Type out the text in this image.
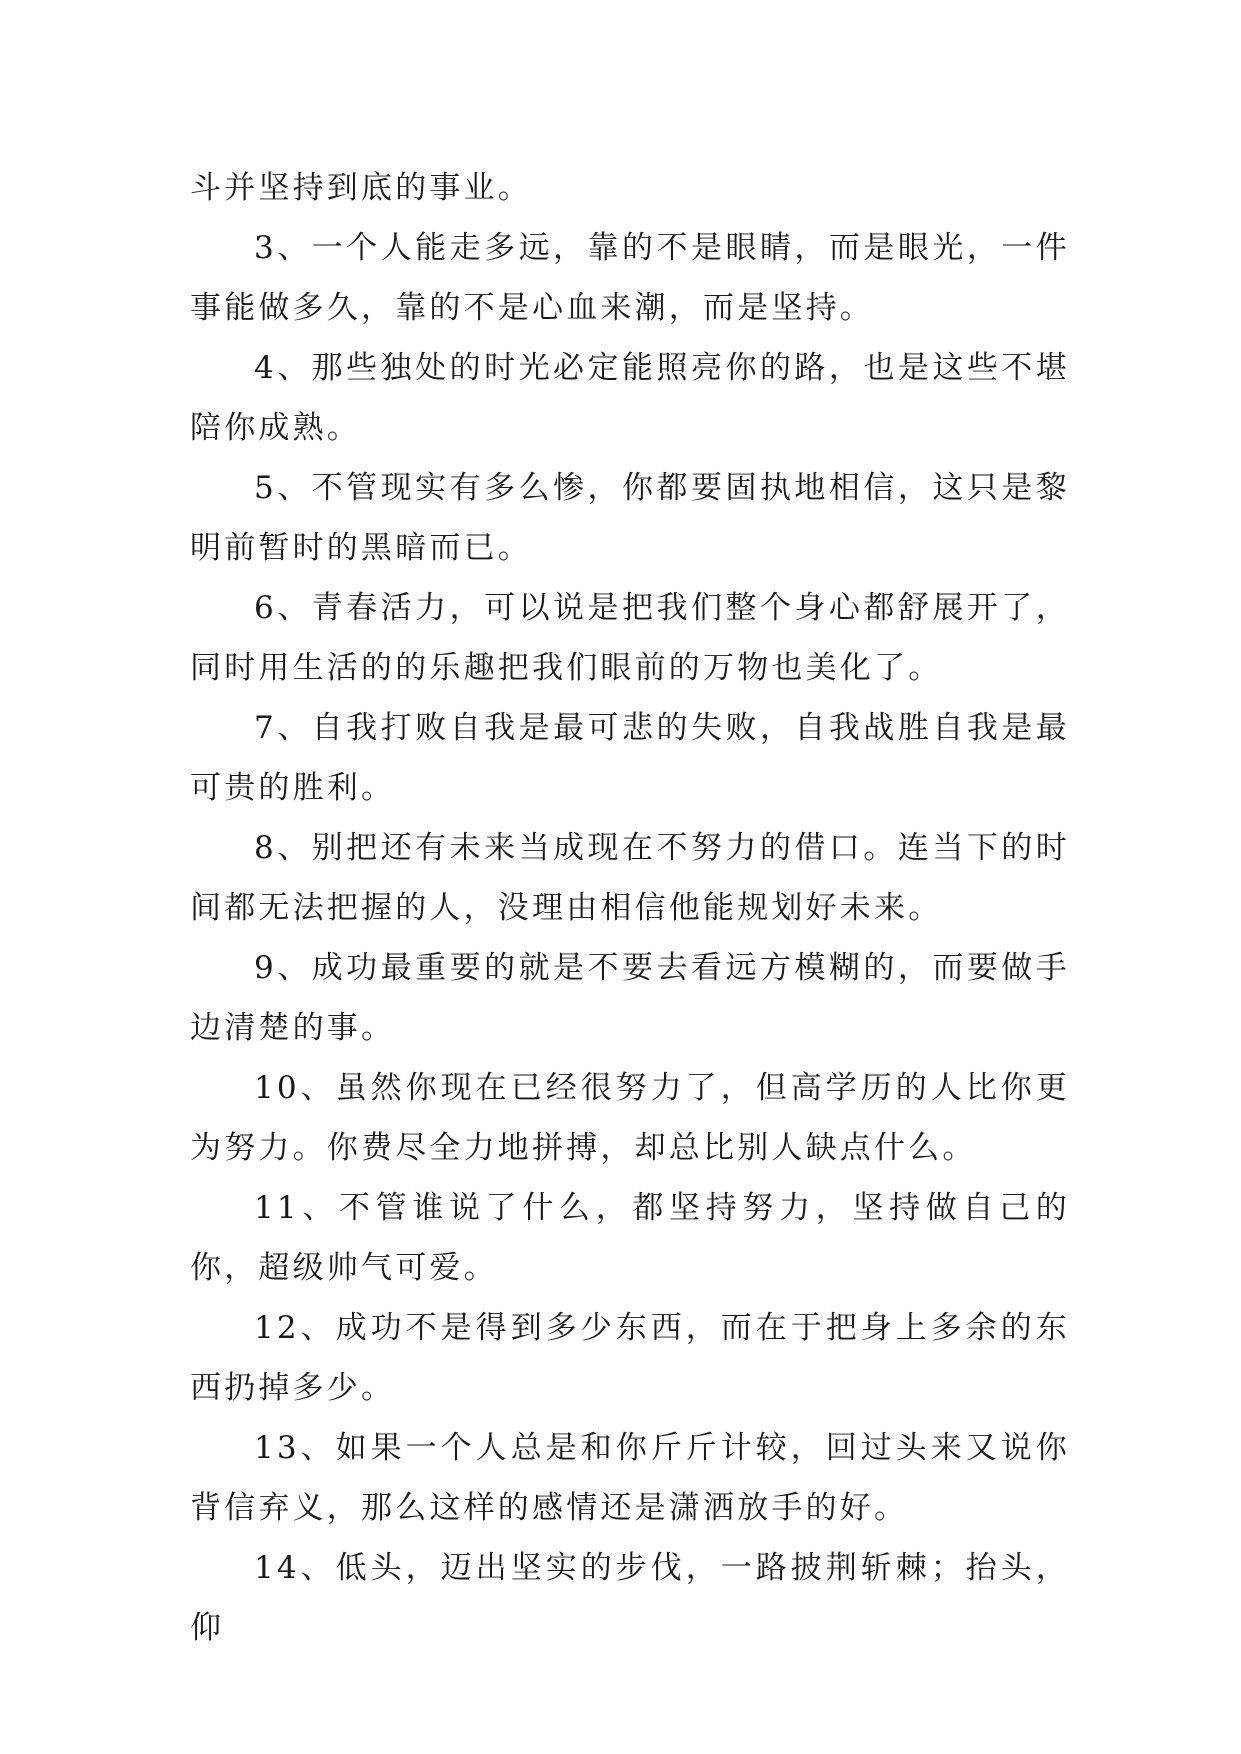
斗并坚持到底的事业。

3、一个人能走多远，靠的不是眼睛，而是眼光，一件事能做多久，靠的不是心血来潮，而是坚持。

4、那些独处的时光必定能照亮你的路，也是这些不堪陪你成熟。

5、不管现实有多么惨，你都要固执地相信，这只是黎明前暂时的黑暗而已。

6、青春活力，可以说是把我们整个身心都舒展开了，同时用生活的的乐趣把我们眼前的万物也美化了。

7、自我打败自我是最可悲的失败，自我战胜自我是最可贵的胜利。

8、别把还有未来当成现在不努力的借口。连当下的时间都无法把握的人，没理由相信他能规划好未来。

9、成功最重要的就是不要去看远方模糊的，而要做手边清楚的事。

10、虽然你现在已经很努力了，但高学历的人比你更为努力。你费尽全力地拼搏，却总比别人缺点什么。

11、不管谁说了什么，都坚持努力，坚持做自己的你，超级帅气可爱。

12、成功不是得到多少东西，而在于把身上多余的东西扔掉多少。

13、如果一个人总是和你斤斤计较，回过头来又说你背信弃义，那么这样的感情还是潇洒放手的好。

14、低头，迈出坚实的步伐，一路披荆斩棘；抬头，仰
